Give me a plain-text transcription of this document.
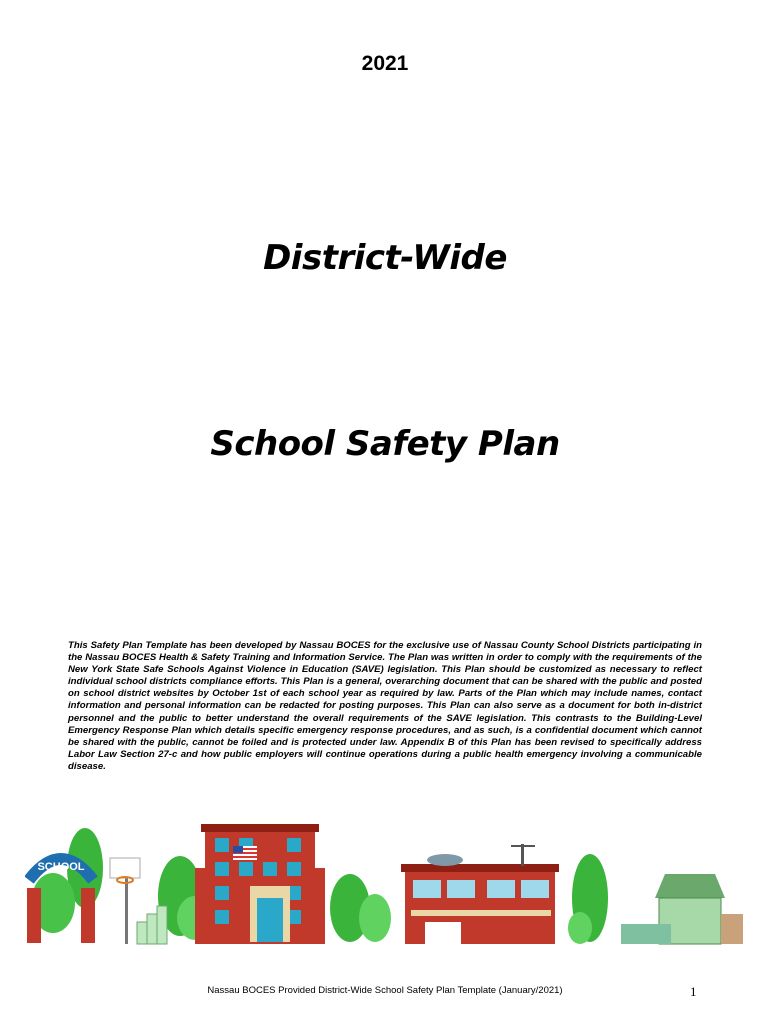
2021
District-Wide
School Safety Plan
This Safety Plan Template has been developed by Nassau BOCES for the exclusive use of Nassau County School Districts participating in the Nassau BOCES Health & Safety Training and Information Service. The Plan was written in order to comply with the requirements of the New York State Safe Schools Against Violence in Education (SAVE) legislation. This Plan should be customized as necessary to reflect individual school districts compliance efforts. This Plan is a general, overarching document that can be shared with the public and posted on school district websites by October 1st of each school year as required by law. Parts of the Plan which may include names, contact information and personal information can be redacted for posting purposes. This Plan can also serve as a document for both in-district personnel and the public to better understand the overall requirements of the SAVE legislation. This contrasts to the Building-Level Emergency Response Plan which details specific emergency response procedures, and as such, is a confidential document which cannot be shared with the public, cannot be foiled and is protected under law. Appendix B of this Plan has been revised to specifically address Labor Law Section 27-c and how public employers will continue operations during a public health emergency involving a communicable disease.
SCHOOL
Nassau BOCES Provided District-Wide School Safety Plan Template (January/2021)	1
